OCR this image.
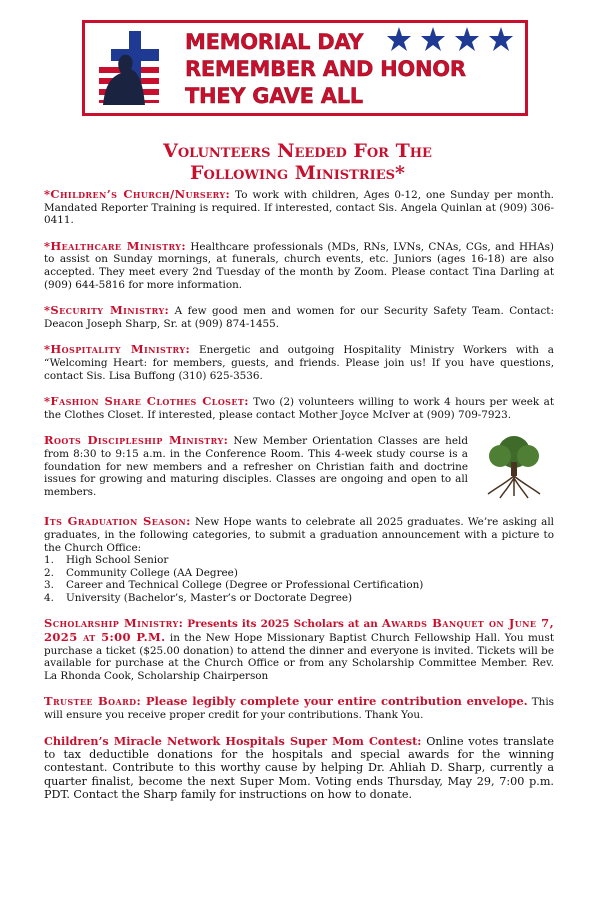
MEMORIAL DAY
REMEMBER AND HONOR
THEY GAVE ALL
Volunteers Needed For The
Following Ministries*

*Children’s Church/Nursery: To work with children, Ages 0-12, one Sunday per month. Mandated Reporter Training is required. If interested, contact Sis. Angela Quinlan at (909) 306-0411.

*Healthcare Ministry: Healthcare professionals (MDs, RNs, LVNs, CNAs, CGs, and HHAs) to assist on Sunday mornings, at funerals, church events, etc. Juniors (ages 16-18) are also accepted. They meet every 2nd Tuesday of the month by Zoom. Please contact Tina Darling at (909) 644-5816 for more information.

*Security Ministry: A few good men and women for our Security Safety Team. Contact: Deacon Joseph Sharp, Sr. at (909) 874-1455.

*Hospitality Ministry: Energetic and outgoing Hospitality Ministry Workers with a “Welcoming Heart: for members, guests, and friends. Please join us! If you have questions, contact Sis. Lisa Buffong (310) 625-3536.

*Fashion Share Clothes Closet: Two (2) volunteers willing to work 4 hours per week at the Clothes Closet. If interested, please contact Mother Joyce McIver at (909) 709-7923.

Roots Discipleship Ministry: New Member Orientation Classes are held from 8:30 to 9:15 a.m. in the Conference Room. This 4-week study course is a foundation for new members and a refresher on Christian faith and doctrine issues for growing and maturing disciples. Classes are ongoing and open to all members.

Its Graduation Season: New Hope wants to celebrate all 2025 graduates. We’re asking all graduates, in the following categories, to submit a graduation announcement with a picture to the Church Office:

1.	High School Senior
2.	Community College (AA Degree)
3.	Career and Technical College (Degree or Professional Certification)
4.	University (Bachelor’s, Master’s or Doctorate Degree)

Scholarship Ministry: Presents its 2025 Scholars at an Awards Banquet on June 7, 2025 at 5:00 P.M. in the New Hope Missionary Baptist Church Fellowship Hall. You must purchase a ticket ($25.00 donation) to attend the dinner and everyone is invited. Tickets will be available for purchase at the Church Office or from any Scholarship Committee Member. Rev. La Rhonda Cook, Scholarship Chairperson

Trustee Board: Please legibly complete your entire contribution envelope. This will ensure you receive proper credit for your contributions. Thank You.

Children’s Miracle Network Hospitals Super Mom Contest: Online votes translate to tax deductible donations for the hospitals and special awards for the winning contestant. Contribute to this worthy cause by helping Dr. Ahliah D. Sharp, currently a quarter finalist, become the next Super Mom. Voting ends Thursday, May 29, 7:00 p.m. PDT. Contact the Sharp family for instructions on how to donate.
